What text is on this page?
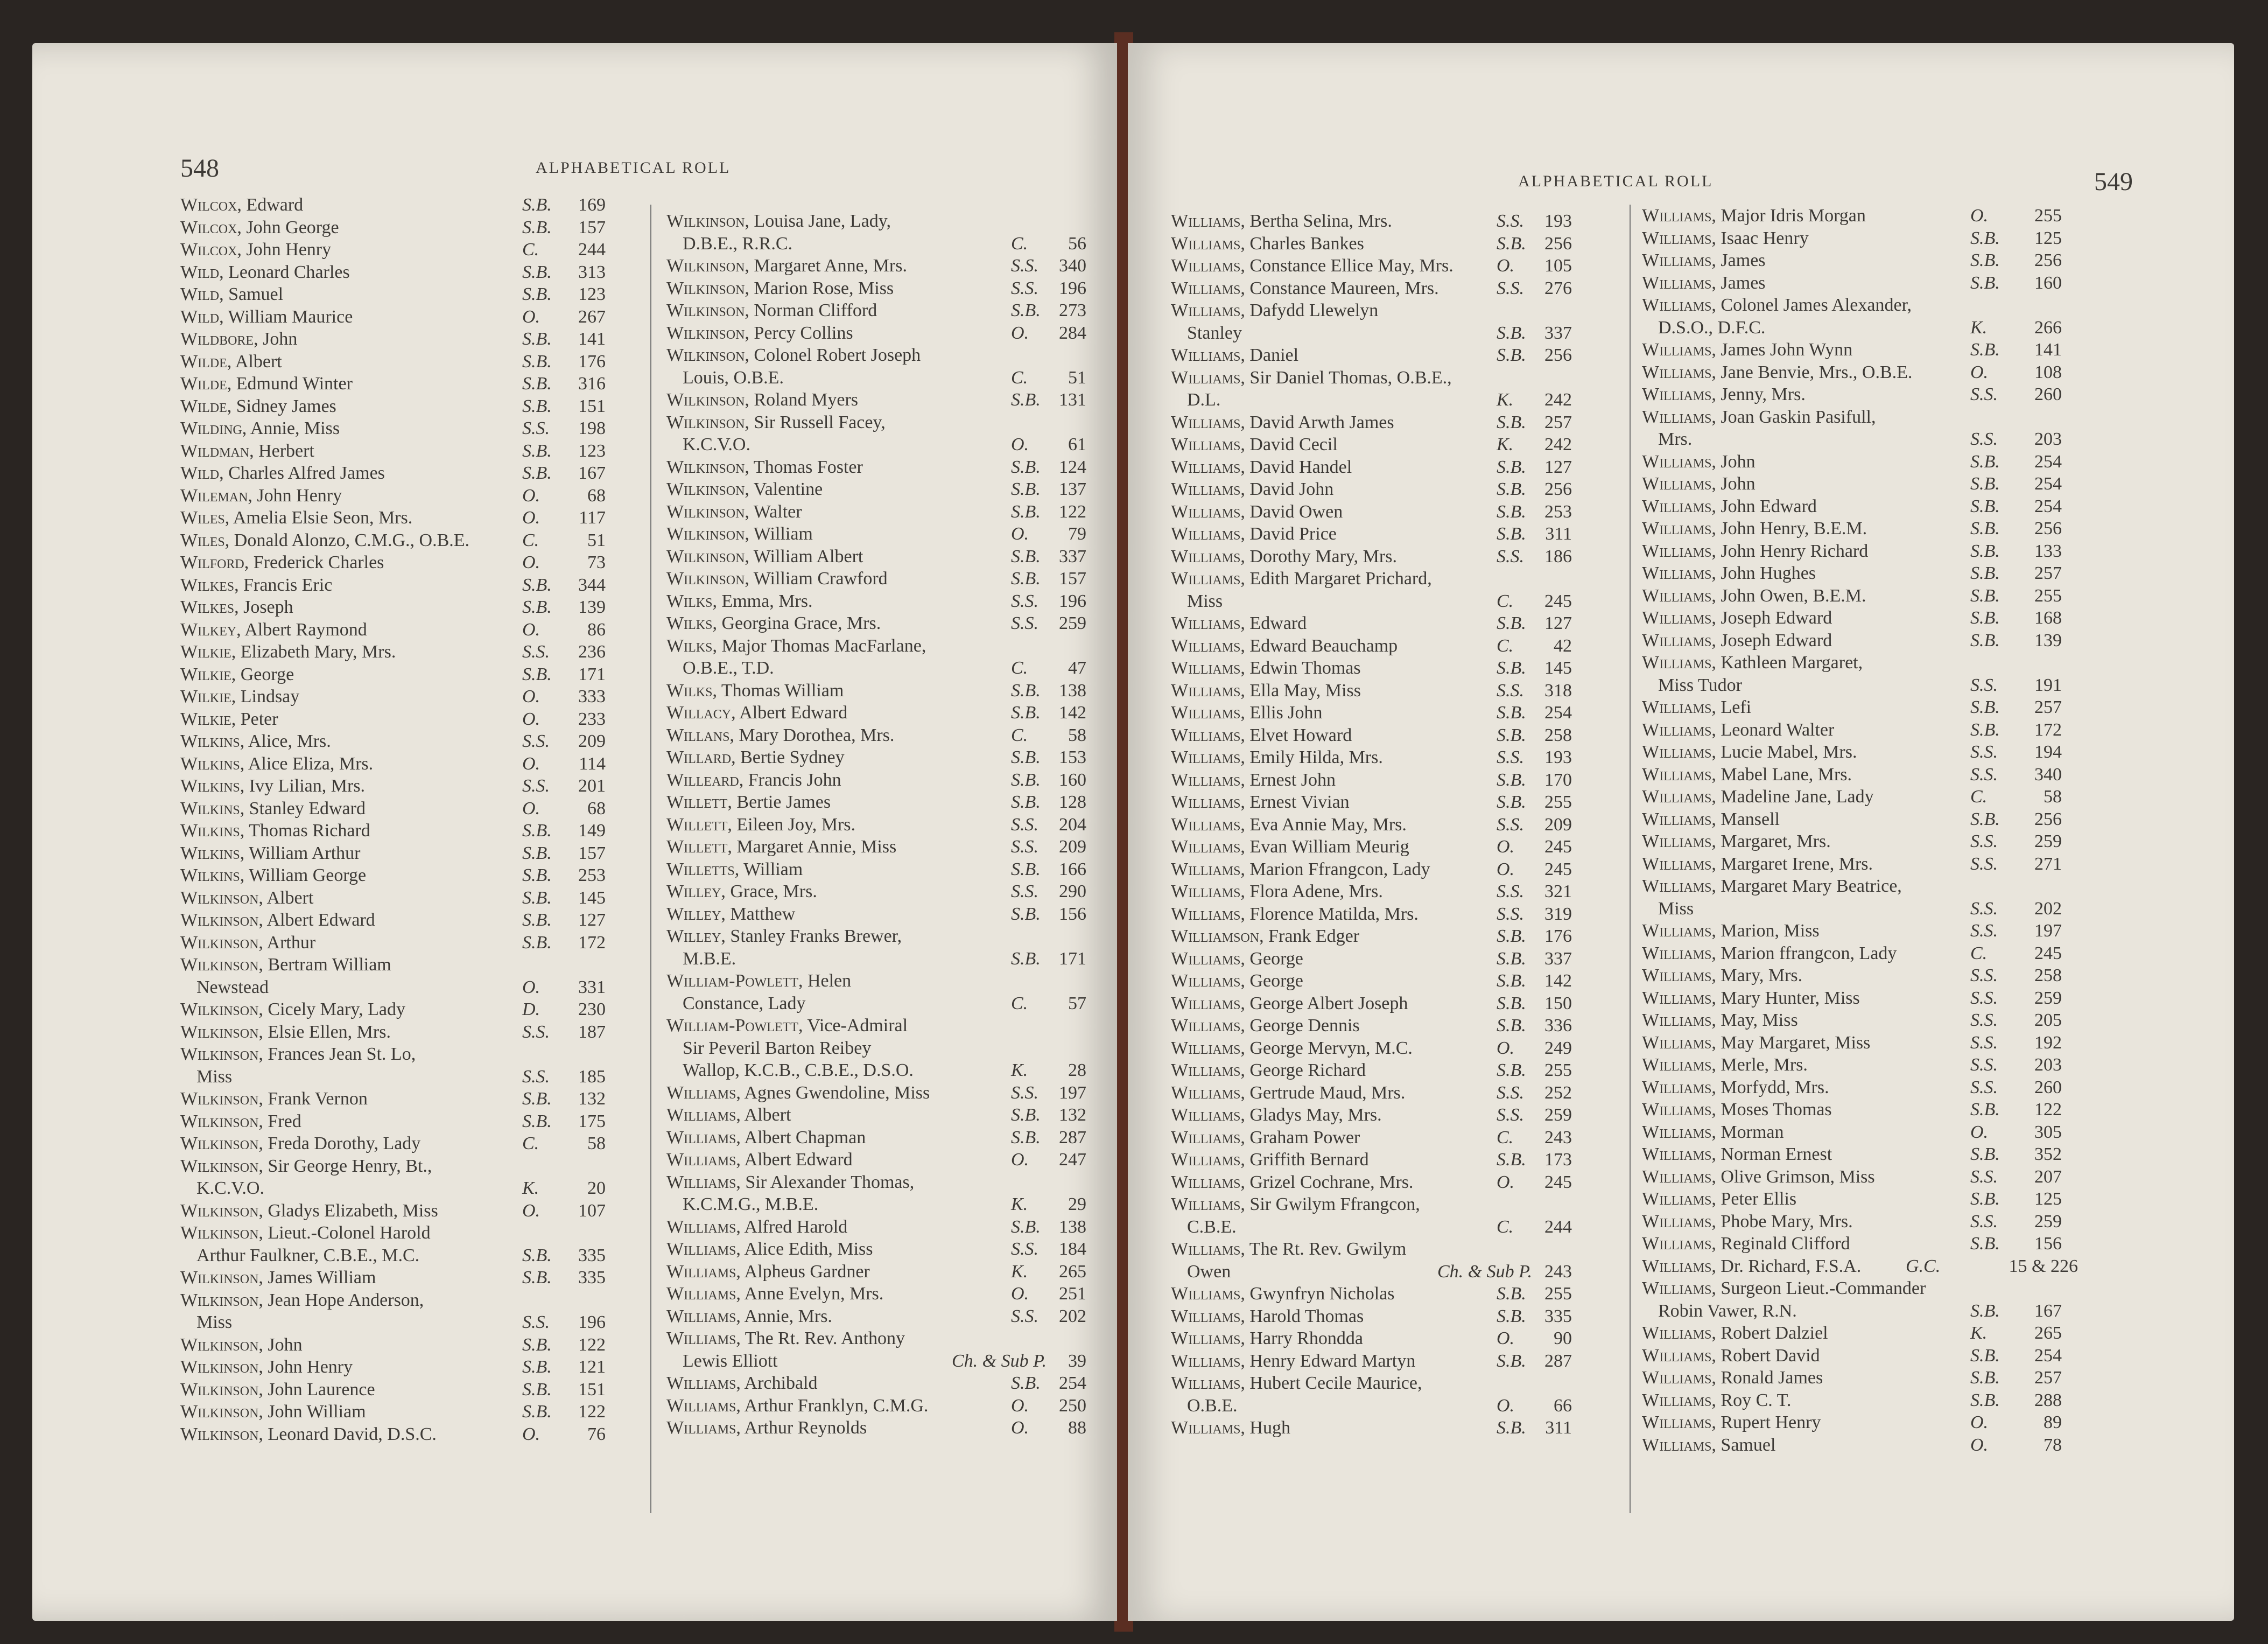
548	ALPHABETICAL ROLL
Wilcox, Edward	S.B.	169
Wilcox, John George	S.B.	157
Wilcox, John Henry	C.	244
Wild, Leonard Charles	S.B.	313
Wild, Samuel	S.B.	123
Wild, William Maurice	O.	267
Wildbore, John	S.B.	141
Wilde, Albert	S.B.	176
Wilde, Edmund Winter	S.B.	316
Wilde, Sidney James	S.B.	151
Wilding, Annie, Miss	S.S.	198
Wildman, Herbert	S.B.	123
Wild, Charles Alfred James	S.B.	167
Wileman, John Henry	O.	68
Wiles, Amelia Elsie Seon, Mrs.	O.	117
Wiles, Donald Alonzo, C.M.G., O.B.E.	C.	51
Wilford, Frederick Charles	O.	73
Wilkes, Francis Eric	S.B.	344
Wilkes, Joseph	S.B.	139
Wilkey, Albert Raymond	O.	86
Wilkie, Elizabeth Mary, Mrs.	S.S.	236
Wilkie, George	S.B.	171
Wilkie, Lindsay	O.	333
Wilkie, Peter	O.	233
Wilkins, Alice, Mrs.	S.S.	209
Wilkins, Alice Eliza, Mrs.	O.	114
Wilkins, Ivy Lilian, Mrs.	S.S.	201
Wilkins, Stanley Edward	O.	68
Wilkins, Thomas Richard	S.B.	149
Wilkins, William Arthur	S.B.	157
Wilkins, William George	S.B.	253
Wilkinson, Albert	S.B.	145
Wilkinson, Albert Edward	S.B.	127
Wilkinson, Arthur	S.B.	172
Wilkinson, Bertram William
Newstead	O.	331
Wilkinson, Cicely Mary, Lady	D.	230
Wilkinson, Elsie Ellen, Mrs.	S.S.	187
Wilkinson, Frances Jean St. Lo,
Miss	S.S.	185
Wilkinson, Frank Vernon	S.B.	132
Wilkinson, Fred	S.B.	175
Wilkinson, Freda Dorothy, Lady	C.	58
Wilkinson, Sir George Henry, Bt.,
K.C.V.O.	K.	20
Wilkinson, Gladys Elizabeth, Miss	O.	107
Wilkinson, Lieut.-Colonel Harold
Arthur Faulkner, C.B.E., M.C.	S.B.	335
Wilkinson, James William	S.B.	335
Wilkinson, Jean Hope Anderson,
Miss	S.S.	196
Wilkinson, John	S.B.	122
Wilkinson, John Henry	S.B.	121
Wilkinson, John Laurence	S.B.	151
Wilkinson, John William	S.B.	122
Wilkinson, Leonard David, D.S.C.	O.	76
Wilkinson, Louisa Jane, Lady,
D.B.E., R.R.C.	C.	56
Wilkinson, Margaret Anne, Mrs.	S.S.	340
Wilkinson, Marion Rose, Miss	S.S.	196
Wilkinson, Norman Clifford	S.B.	273
Wilkinson, Percy Collins	O.	284
Wilkinson, Colonel Robert Joseph
Louis, O.B.E.	C.	51
Wilkinson, Roland Myers	S.B.	131
Wilkinson, Sir Russell Facey,
K.C.V.O.	O.	61
Wilkinson, Thomas Foster	S.B.	124
Wilkinson, Valentine	S.B.	137
Wilkinson, Walter	S.B.	122
Wilkinson, William	O.	79
Wilkinson, William Albert	S.B.	337
Wilkinson, William Crawford	S.B.	157
Wilks, Emma, Mrs.	S.S.	196
Wilks, Georgina Grace, Mrs.	S.S.	259
Wilks, Major Thomas MacFarlane,
O.B.E., T.D.	C.	47
Wilks, Thomas William	S.B.	138
Willacy, Albert Edward	S.B.	142
Willans, Mary Dorothea, Mrs.	C.	58
Willard, Bertie Sydney	S.B.	153
Willeard, Francis John	S.B.	160
Willett, Bertie James	S.B.	128
Willett, Eileen Joy, Mrs.	S.S.	204
Willett, Margaret Annie, Miss	S.S.	209
Willetts, William	S.B.	166
Willey, Grace, Mrs.	S.S.	290
Willey, Matthew	S.B.	156
Willey, Stanley Franks Brewer,
M.B.E.	S.B.	171
William-Powlett, Helen
Constance, Lady	C.	57
William-Powlett, Vice-Admiral
Sir Peveril Barton Reibey
Wallop, K.C.B., C.B.E., D.S.O.	K.	28
Williams, Agnes Gwendoline, Miss	S.S.	197
Williams, Albert	S.B.	132
Williams, Albert Chapman	S.B.	287
Williams, Albert Edward	O.	247
Williams, Sir Alexander Thomas,
K.C.M.G., M.B.E.	K.	29
Williams, Alfred Harold	S.B.	138
Williams, Alice Edith, Miss	S.S.	184
Williams, Alpheus Gardner	K.	265
Williams, Anne Evelyn, Mrs.	O.	251
Williams, Annie, Mrs.	S.S.	202
Williams, The Rt. Rev. Anthony
Lewis Elliott	Ch. & Sub P.	39
Williams, Archibald	S.B.	254
Williams, Arthur Franklyn, C.M.G.	O.	250
Williams, Arthur Reynolds	O.	88
ALPHABETICAL ROLL	549
Williams, Bertha Selina, Mrs.	S.S.	193
Williams, Charles Bankes	S.B.	256
Williams, Constance Ellice May, Mrs.	O.	105
Williams, Constance Maureen, Mrs.	S.S.	276
Williams, Dafydd Llewelyn
Stanley	S.B.	337
Williams, Daniel	S.B.	256
Williams, Sir Daniel Thomas, O.B.E.,
D.L.	K.	242
Williams, David Arwth James	S.B.	257
Williams, David Cecil	K.	242
Williams, David Handel	S.B.	127
Williams, David John	S.B.	256
Williams, David Owen	S.B.	253
Williams, David Price	S.B.	311
Williams, Dorothy Mary, Mrs.	S.S.	186
Williams, Edith Margaret Prichard,
Miss	C.	245
Williams, Edward	S.B.	127
Williams, Edward Beauchamp	C.	42
Williams, Edwin Thomas	S.B.	145
Williams, Ella May, Miss	S.S.	318
Williams, Ellis John	S.B.	254
Williams, Elvet Howard	S.B.	258
Williams, Emily Hilda, Mrs.	S.S.	193
Williams, Ernest John	S.B.	170
Williams, Ernest Vivian	S.B.	255
Williams, Eva Annie May, Mrs.	S.S.	209
Williams, Evan William Meurig	O.	245
Williams, Marion Ffrangcon, Lady	O.	245
Williams, Flora Adene, Mrs.	S.S.	321
Williams, Florence Matilda, Mrs.	S.S.	319
Williamson, Frank Edger	S.B.	176
Williams, George	S.B.	337
Williams, George	S.B.	142
Williams, George Albert Joseph	S.B.	150
Williams, George Dennis	S.B.	336
Williams, George Mervyn, M.C.	O.	249
Williams, George Richard	S.B.	255
Williams, Gertrude Maud, Mrs.	S.S.	252
Williams, Gladys May, Mrs.	S.S.	259
Williams, Graham Power	C.	243
Williams, Griffith Bernard	S.B.	173
Williams, Grizel Cochrane, Mrs.	O.	245
Williams, Sir Gwilym Ffrangcon,
C.B.E.	C.	244
Williams, The Rt. Rev. Gwilym
Owen	Ch. & Sub P. 243
Williams, Gwynfryn Nicholas	S.B.	255
Williams, Harold Thomas	S.B.	335
Williams, Harry Rhondda	O.	90
Williams, Henry Edward Martyn	S.B.	287
Williams, Hubert Cecile Maurice,
O.B.E.	O.	66
Williams, Hugh	S.B.	311
Williams, Major Idris Morgan	O.	255
Williams, Isaac Henry	S.B.	125
Williams, James	S.B.	256
Williams, James	S.B.	160
Williams, Colonel James Alexander,
D.S.O., D.F.C.	K.	266
Williams, James John Wynn	S.B.	141
Williams, Jane Benvie, Mrs., O.B.E.	O.	108
Williams, Jenny, Mrs.	S.S.	260
Williams, Joan Gaskin Pasifull,
Mrs.	S.S.	203
Williams, John	S.B.	254
Williams, John	S.B.	254
Williams, John Edward	S.B.	254
Williams, John Henry, B.E.M.	S.B.	256
Williams, John Henry Richard	S.B.	133
Williams, John Hughes	S.B.	257
Williams, John Owen, B.E.M.	S.B.	255
Williams, Joseph Edward	S.B.	168
Williams, Joseph Edward	S.B.	139
Williams, Kathleen Margaret,
Miss Tudor	S.S.	191
Williams, Lefi	S.B.	257
Williams, Leonard Walter	S.B.	172
Williams, Lucie Mabel, Mrs.	S.S.	194
Williams, Mabel Lane, Mrs.	S.S.	340
Williams, Madeline Jane, Lady	C.	58
Williams, Mansell	S.B.	256
Williams, Margaret, Mrs.	S.S.	259
Williams, Margaret Irene, Mrs.	S.S.	271
Williams, Margaret Mary Beatrice,
Miss	S.S.	202
Williams, Marion, Miss	S.S.	197
Williams, Marion ffrangcon, Lady	C.	245
Williams, Mary, Mrs.	S.S.	258
Williams, Mary Hunter, Miss	S.S.	259
Williams, May, Miss	S.S.	205
Williams, May Margaret, Miss	S.S.	192
Williams, Merle, Mrs.	S.S.	203
Williams, Morfydd, Mrs.	S.S.	260
Williams, Moses Thomas	S.B.	122
Williams, Morman	O.	305
Williams, Norman Ernest	S.B.	352
Williams, Olive Grimson, Miss	S.S.	207
Williams, Peter Ellis	S.B.	125
Williams, Phobe Mary, Mrs.	S.S.	259
Williams, Reginald Clifford	S.B.	156
Williams, Dr. Richard, F.S.A.	G.C.	15 & 226
Williams, Surgeon Lieut.-Commander
Robin Vawer, R.N.	S.B.	167
Williams, Robert Dalziel	K.	265
Williams, Robert David	S.B.	254
Williams, Ronald James	S.B.	257
Williams, Roy C. T.	S.B.	288
Williams, Rupert Henry	O.	89
Williams, Samuel	O.	78
